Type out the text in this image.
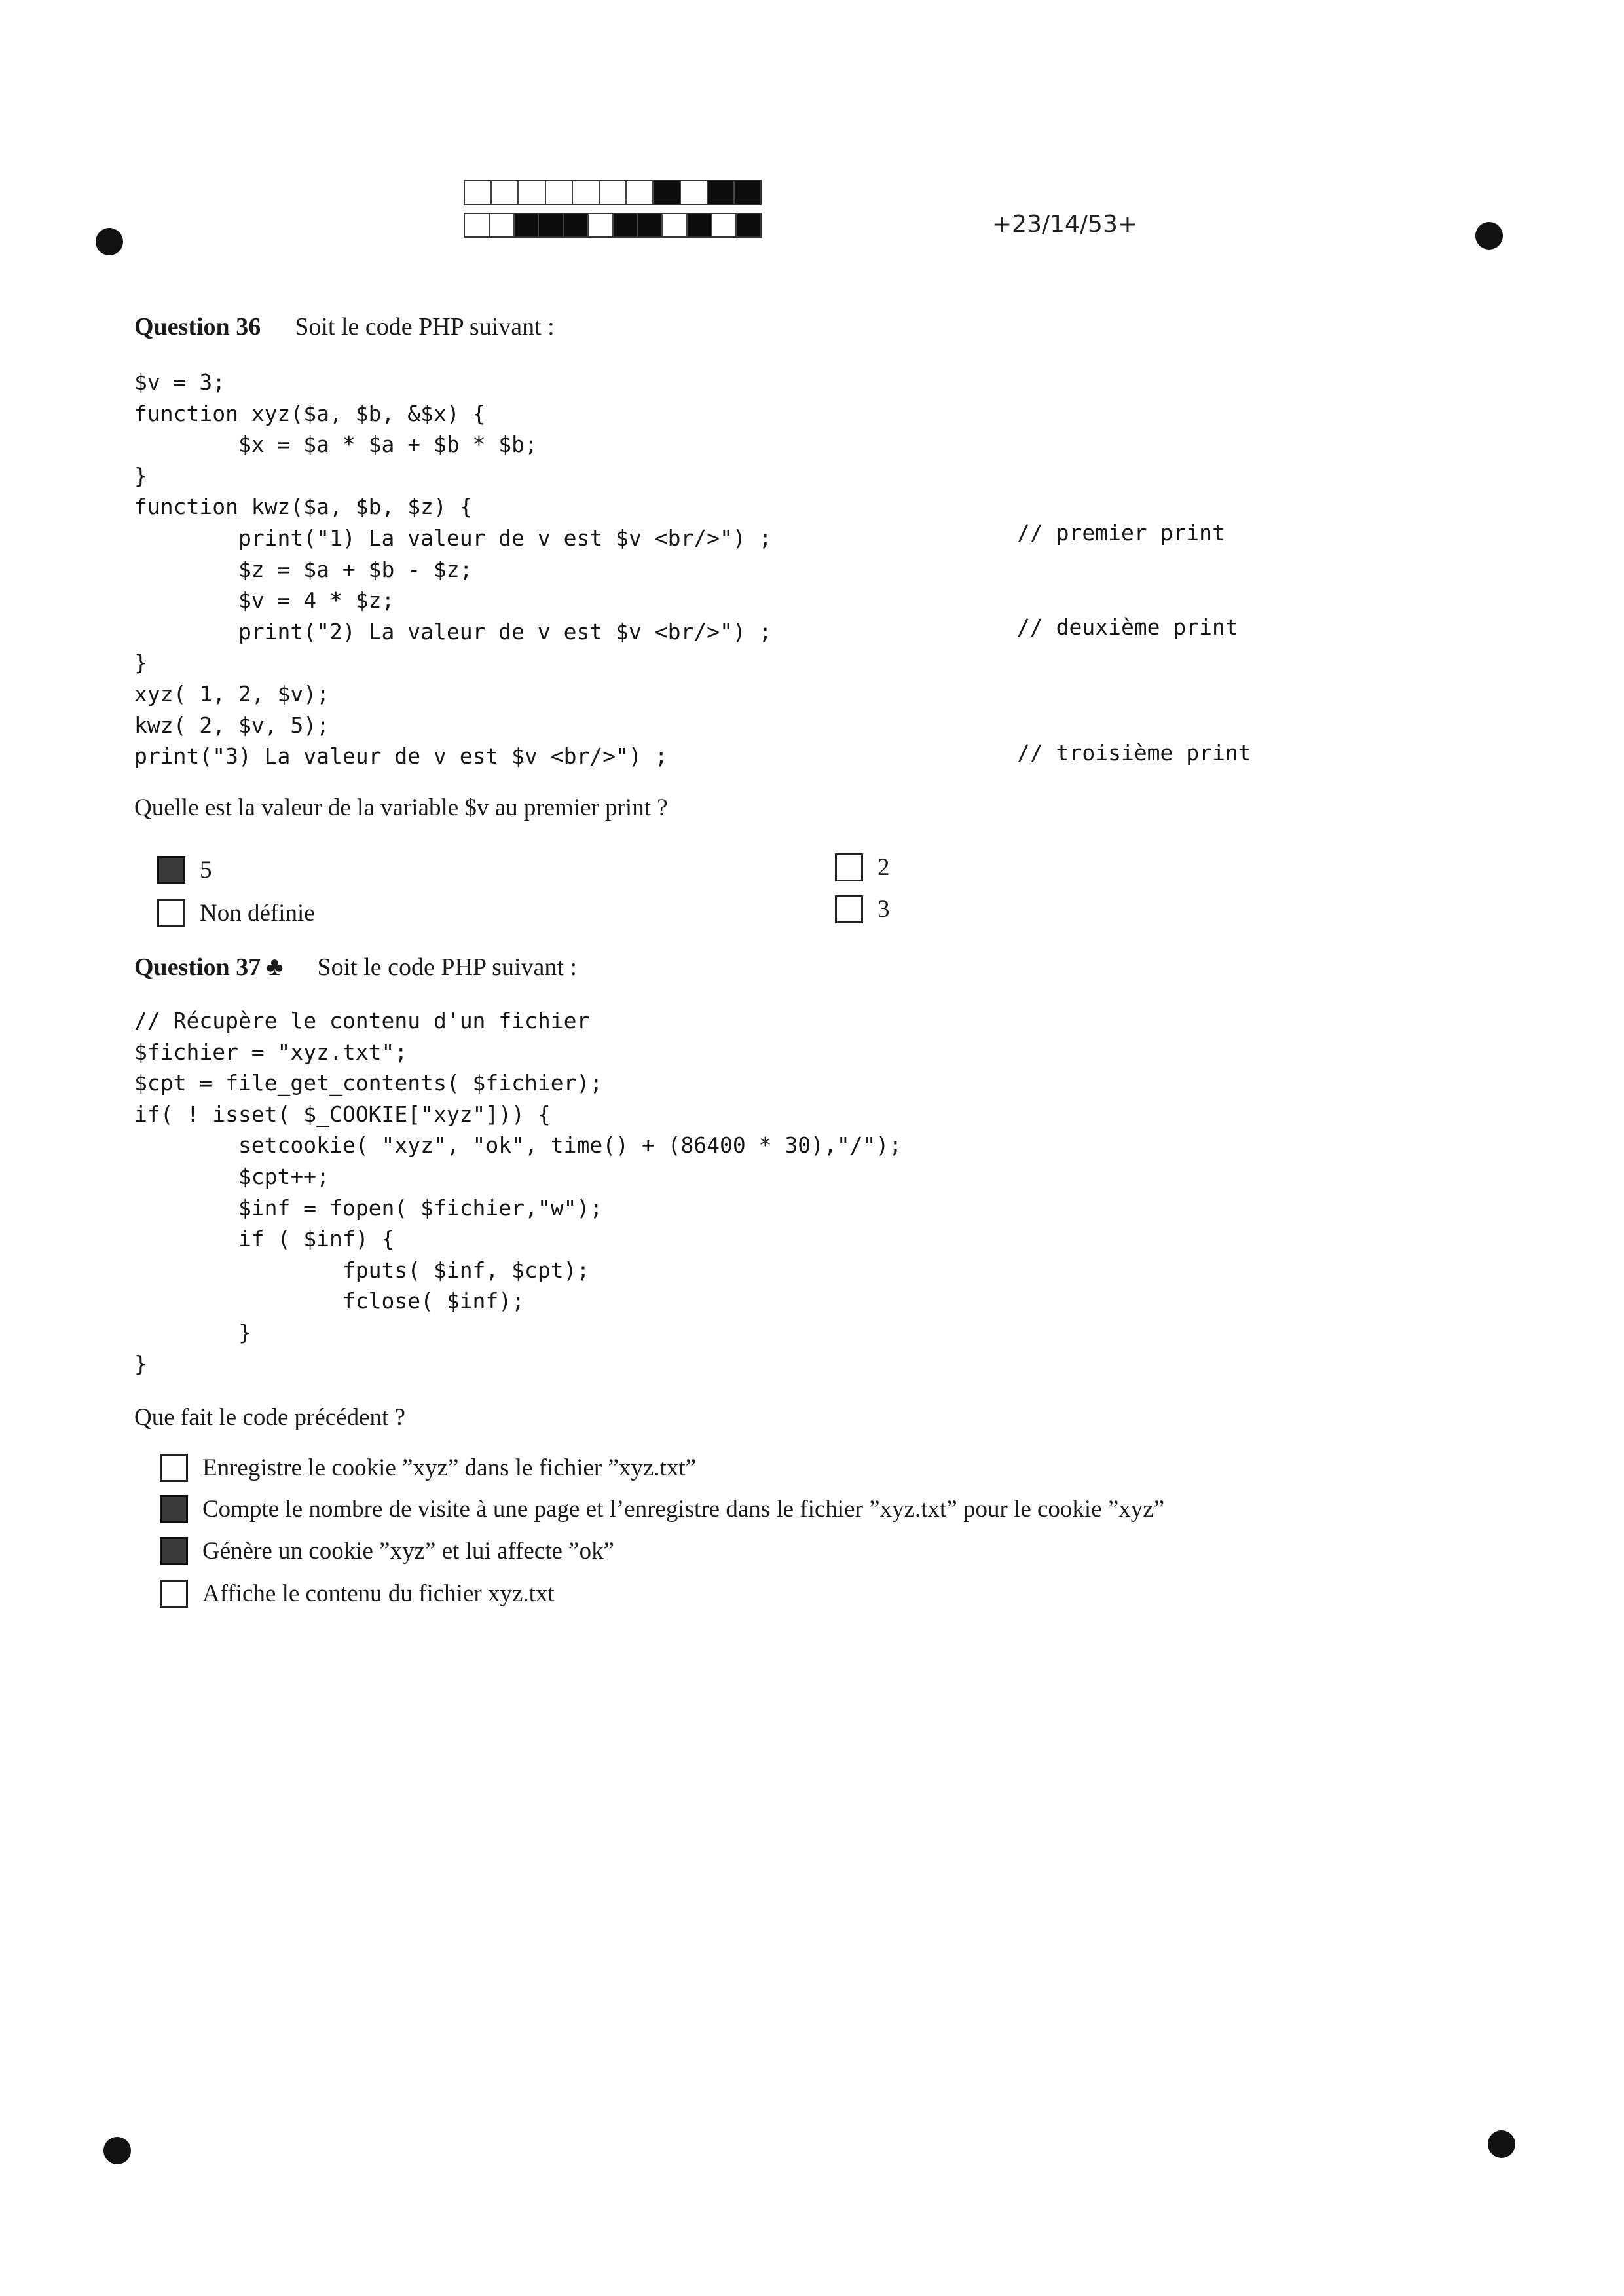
+23/14/53+
Question 36 Soit le code PHP suivant :
$v = 3;
function xyz($a, $b, &$x) {
$x = $a * $a + $b * $b;
}
function kwz($a, $b, $z) {
print("1) La valeur de v est $v <br/>") ;
$z = $a + $b - $z;
$v = 4 * $z;
print("2) La valeur de v est $v <br/>") ;
}
xyz( 1, 2, $v);
kwz( 2, $v, 5);
print("3) La valeur de v est $v <br/>") ;
// premier print
// deuxième print
// troisième print
Quelle est la valeur de la variable $v au premier print ?
5
Non définie
2
3
Question 37 ♣ Soit le code PHP suivant :
// Récupère le contenu d'un fichier
$fichier = "xyz.txt";
$cpt = file_get_contents( $fichier);
if( ! isset( $_COOKIE["xyz"])) {
setcookie( "xyz", "ok", time() + (86400 * 30),"/");
$cpt++;
$inf = fopen( $fichier,"w");
if ( $inf) {
fputs( $inf, $cpt);
fclose( $inf);
}
}
Que fait le code précédent ?
Enregistre le cookie ”xyz” dans le fichier ”xyz.txt”
Compte le nombre de visite à une page et l’enregistre dans le fichier ”xyz.txt” pour le cookie ”xyz”
Génère un cookie ”xyz” et lui affecte ”ok”
Affiche le contenu du fichier xyz.txt
